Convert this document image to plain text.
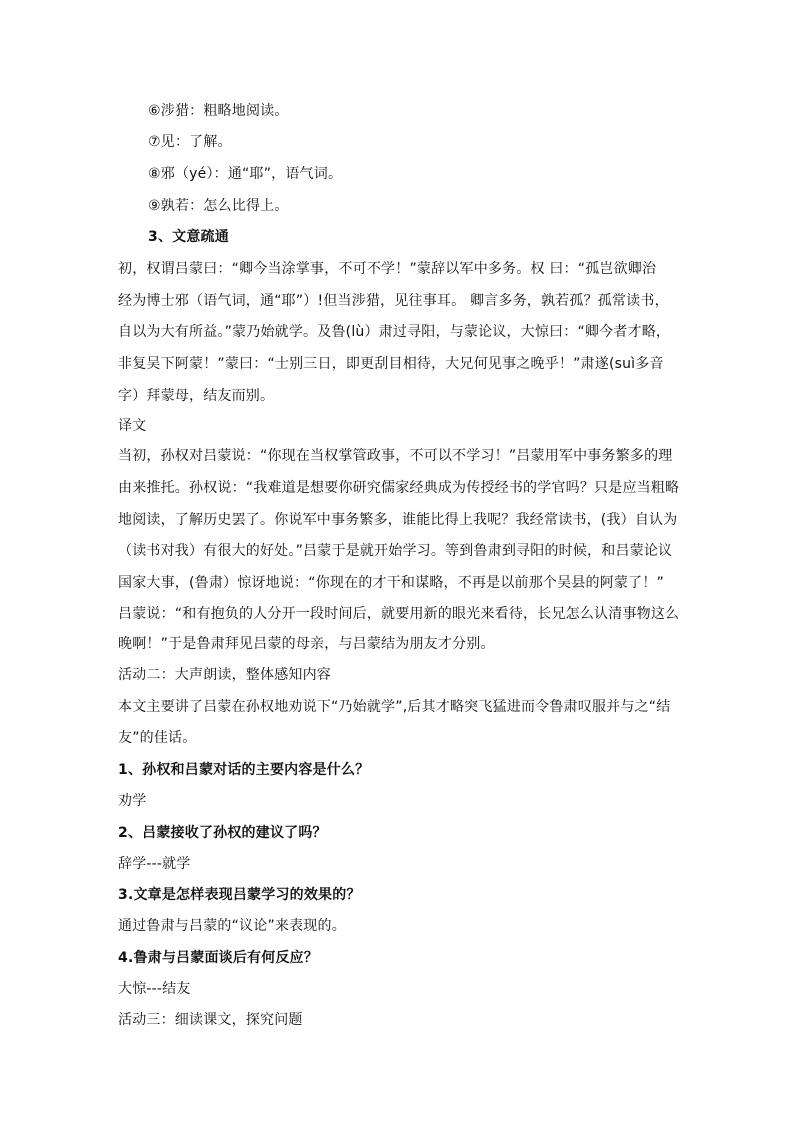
⑥涉猎：粗略地阅读。
⑦见：了解。
⑧邪（yé）：通“耶”，语气词。
⑨孰若：怎么比得上。
3、文意疏通
初，权谓吕蒙曰：“卿今当涂掌事，不可不学！”蒙辞以军中多务。权 曰：“孤岂欲卿治
经为博士邪（语气词，通“耶”）!但当涉猎，见往事耳。 卿言多务，孰若孤？孤常读书，
自以为大有所益。”蒙乃始就学。及鲁(lù）肃过寻阳，与蒙论议，大惊曰：“卿今者才略，
非复吴下阿蒙！”蒙曰：“士别三日，即更刮目相待，大兄何见事之晚乎！”肃遂(suì多音
字）拜蒙母，结友而别。
译文
当初，孙权对吕蒙说：“你现在当权掌管政事，不可以不学习！”吕蒙用军中事务繁多的理
由来推托。孙权说：“我难道是想要你研究儒家经典成为传授经书的学官吗？只是应当粗略
地阅读，了解历史罢了。你说军中事务繁多，谁能比得上我呢？我经常读书，(我）自认为
（读书对我）有很大的好处。”吕蒙于是就开始学习。等到鲁肃到寻阳的时候，和吕蒙论议
国家大事，(鲁肃）惊讶地说：“你现在的才干和谋略，不再是以前那个吴县的阿蒙了！”
吕蒙说：“和有抱负的人分开一段时间后，就要用新的眼光来看待，长兄怎么认清事物这么
晚啊！”于是鲁肃拜见吕蒙的母亲，与吕蒙结为朋友才分别。
活动二：大声朗读，整体感知内容
本文主要讲了吕蒙在孙权地劝说下“乃始就学”,后其才略突飞猛进而令鲁肃叹服并与之“结
友”的佳话。
1、孙权和吕蒙对话的主要内容是什么？
劝学
2、吕蒙接收了孙权的建议了吗？
辞学---就学
3.文章是怎样表现吕蒙学习的效果的？
通过鲁肃与吕蒙的“议论”来表现的。
4.鲁肃与吕蒙面谈后有何反应？
大惊---结友
活动三：细读课文，探究问题
